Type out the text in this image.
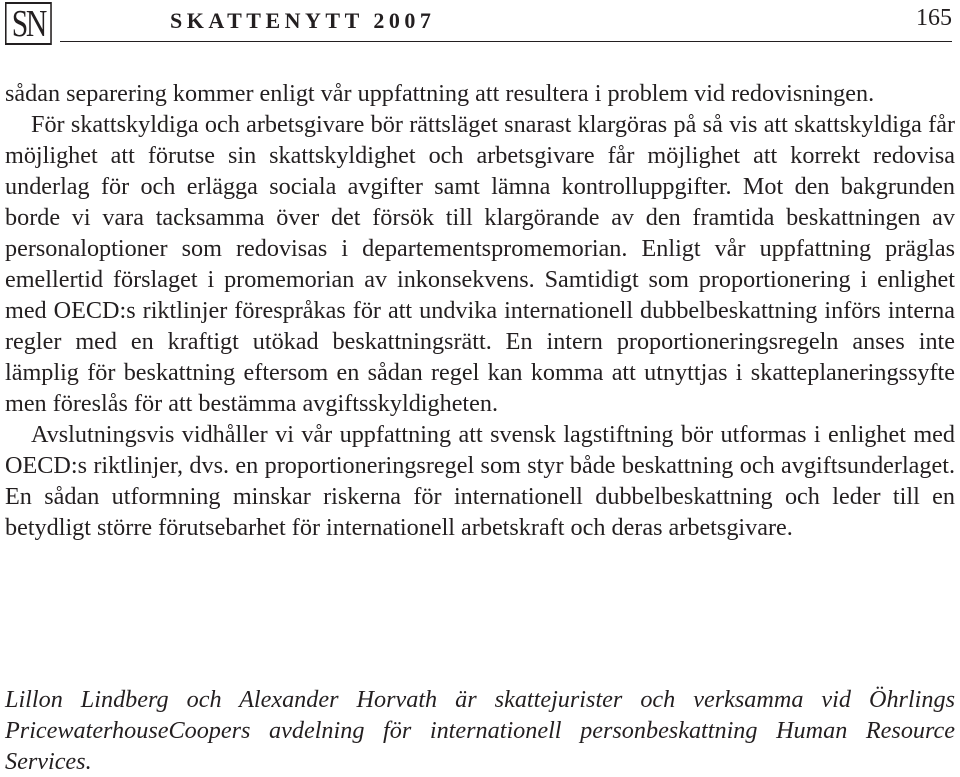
SN	SKATTENYTT 2007	165

sådan separering kommer enligt vår uppfattning att resultera i problem vid redovisningen.

För skattskyldiga och arbetsgivare bör rättsläget snarast klargöras på så vis att skattskyldiga får möjlighet att förutse sin skattskyldighet och arbetsgivare får möjlighet att korrekt redovisa underlag för och erlägga sociala avgifter samt lämna kontrolluppgifter. Mot den bakgrunden borde vi vara tacksamma över det försök till klargörande av den framtida beskattningen av personaloptioner som redovisas i departementspromemorian. Enligt vår uppfattning präglas emellertid förslaget i promemorian av inkonsekvens. Samtidigt som proportionering i enlighet med OECD:s riktlinjer förespråkas för att undvika internationell dubbelbeskattning införs interna regler med en kraftigt utökad beskattningsrätt. En intern proportioneringsregeln anses inte lämplig för beskattning eftersom en sådan regel kan komma att utnyttjas i skatteplaneringssyfte men föreslås för att bestämma avgiftsskyldigheten.

Avslutningsvis vidhåller vi vår uppfattning att svensk lagstiftning bör utformas i enlighet med OECD:s riktlinjer, dvs. en proportioneringsregel som styr både beskattning och avgiftsunderlaget. En sådan utformning minskar riskerna för internationell dubbelbeskattning och leder till en betydligt större förutsebarhet för internationell arbetskraft och deras arbetsgivare.

Lillon Lindberg och Alexander Horvath är skattejurister och verksamma vid Öhrlings PricewaterhouseCoopers avdelning för internationell personbeskattning Human Resource Services.
